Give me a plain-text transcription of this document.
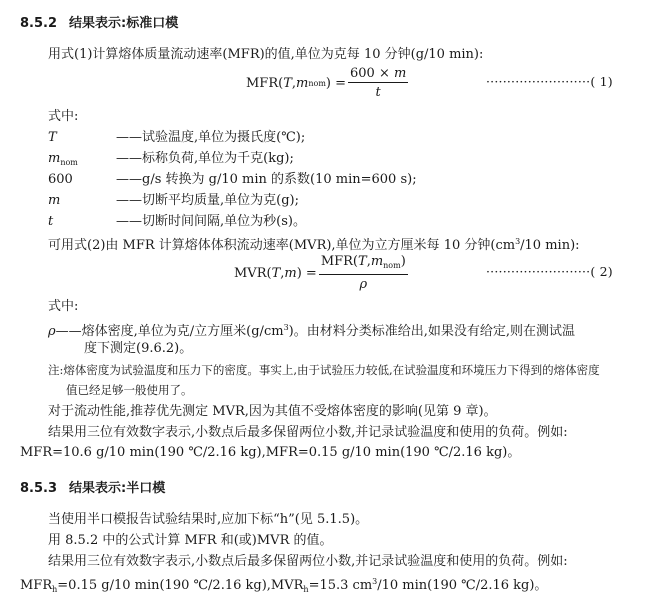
8.5.2 结果表示:标准口模
用式(1)计算熔体质量流动速率(MFR)的值,单位为克每 10 分钟(g/10 min):
MFR( T , m nom ) = $\frac{600 \times m}{t}$	·························( 1)
式中:
T	——试验温度,单位为摄氏度(℃);
$m_{nom}$	——标称负荷,单位为千克(kg);
600	——g/s 转换为 g/10 min 的系数(10 min=600 s);
m	——切断平均质量,单位为克(g);
t	——切断时间间隔,单位为秒(s)。
可用式(2)由 MFR 计算熔体体积流动速率(MVR),单位为立方厘米每 10 分钟($cm^3/10$ min):
MVR( T , m ) = $\frac{MFR(T,m_{nom})}{\rho}$	·························( 2)
式中:
ρ——熔体密度,单位为克/立方厘米$(g/cm^3)$。由材料分类标准给出,如果没有给定,则在测试温
度下测定(9.6.2)。
注:熔体密度为试验温度和压力下的密度。事实上,由于试验压力较低,在试验温度和环境压力下得到的熔体密度
值已经足够一般使用了。
对于流动性能,推荐优先测定 MVR,因为其值不受熔体密度的影响(见第 9 章)。
结果用三位有效数字表示,小数点后最多保留两位小数,并记录试验温度和使用的负荷。例如:
MFR=10.6 g/10 min(190 ℃/2.16 kg),MFR=0.15 g/10 min(190 ℃/2.16 kg)。
8.5.3 结果表示:半口模
当使用半口模报告试验结果时,应加下标“h”(见 5.1.5)。
用 8.5.2 中的公式计算 MFR 和(或)MVR 的值。
结果用三位有效数字表示,小数点后最多保留两位小数,并记录试验温度和使用的负荷。例如:
$MFR_h=0.15$ g/10 min(190 ℃/2.16 $kg),MVR_h=15.3$ $cm^3/10$ min(190 ℃/2.16 kg)。
